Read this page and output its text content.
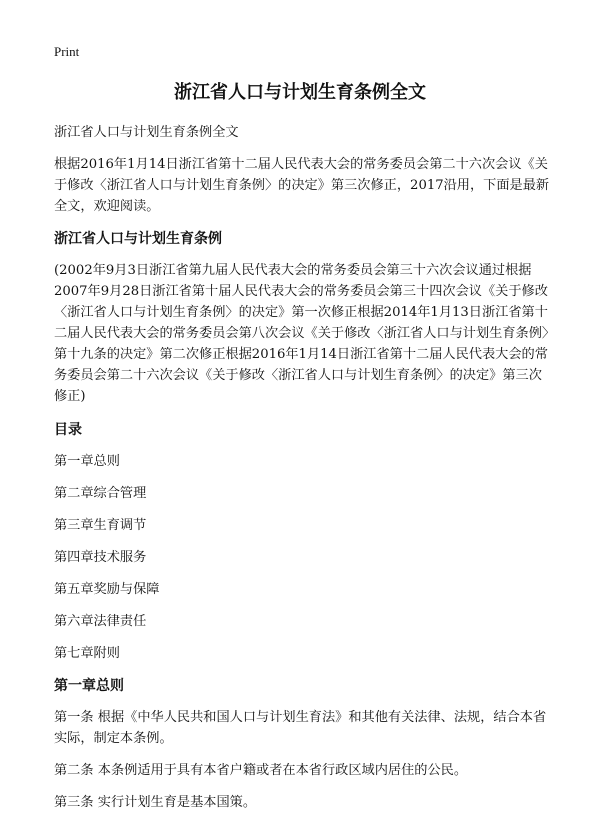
Print
浙江省人口与计划生育条例全文

浙江省人口与计划生育条例全文

根据2016年1月14日浙江省第十二届人民代表大会的常务委员会第二十六次会议《关于修改〈浙江省人口与计划生育条例〉的决定》第三次修正，2017沿用，下面是最新全文，欢迎阅读。

浙江省人口与计划生育条例

(2002年9月3日浙江省第九届人民代表大会的常务委员会第三十六次会议通过根据2007年9月28日浙江省第十届人民代表大会的常务委员会第三十四次会议《关于修改〈浙江省人口与计划生育条例〉的决定》第一次修正根据2014年1月13日浙江省第十二届人民代表大会的常务委员会第八次会议《关于修改〈浙江省人口与计划生育条例〉第十九条的决定》第二次修正根据2016年1月14日浙江省第十二届人民代表大会的常务委员会第二十六次会议《关于修改〈浙江省人口与计划生育条例〉的决定》第三次修正)

目录
第一章总则
第二章综合管理
第三章生育调节
第四章技术服务
第五章奖励与保障
第六章法律责任
第七章附则
第一章总则

第一条 根据《中华人民共和国人口与计划生育法》和其他有关法律、法规，结合本省实际，制定本条例。

第二条 本条例适用于具有本省户籍或者在本省行政区域内居住的公民。

第三条 实行计划生育是基本国策。
